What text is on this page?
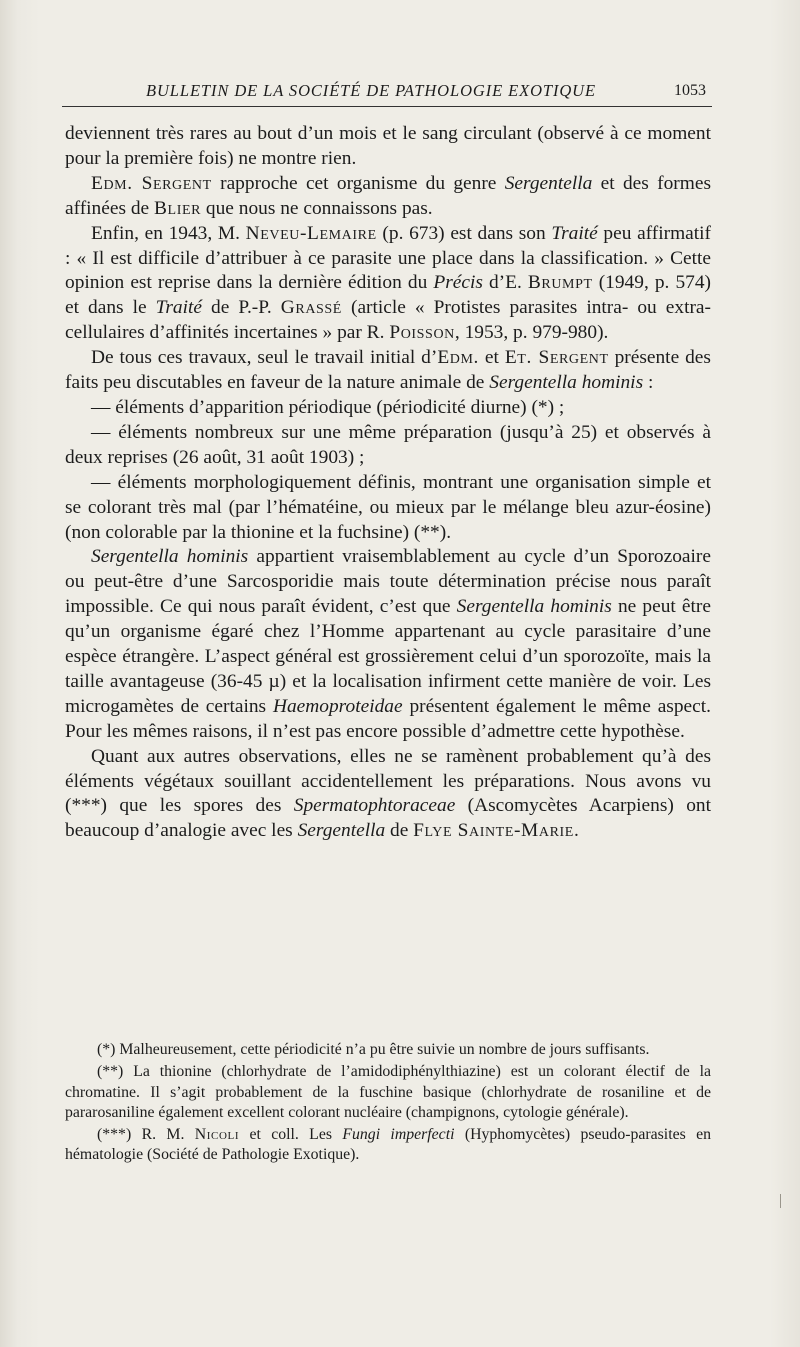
BULLETIN DE LA SOCIÉTÉ DE PATHOLOGIE EXOTIQUE	1053

deviennent très rares au bout d’un mois et le sang circulant (observé à ce moment pour la première fois) ne montre rien.

Edm. Sergent rapproche cet organisme du genre Sergentella et des formes affinées de Blier que nous ne connaissons pas.

Enfin, en 1943, M. Neveu-Lemaire (p. 673) est dans son Traité peu affirmatif : « Il est difficile d’attribuer à ce parasite une place dans la classification. » Cette opinion est reprise dans la dernière édition du Précis d’E. Brumpt (1949, p. 574) et dans le Traité de P.-P. Grassé (article « Protistes parasites intra- ou extra-cellulaires d’affinités incertaines » par R. Poisson, 1953, p. 979-980).

De tous ces travaux, seul le travail initial d’Edm. et Et. Sergent présente des faits peu discutables en faveur de la nature animale de Sergentella hominis :

— éléments d’apparition périodique (périodicité diurne) (*) ;

— éléments nombreux sur une même préparation (jusqu’à 25) et observés à deux reprises (26 août, 31 août 1903) ;

— éléments morphologiquement définis, montrant une organisation simple et se colorant très mal (par l’hématéine, ou mieux par le mélange bleu azur-éosine) (non colorable par la thionine et la fuchsine) (**).

Sergentella hominis appartient vraisemblablement au cycle d’un Sporozoaire ou peut-être d’une Sarcosporidie mais toute détermination précise nous paraît impossible. Ce qui nous paraît évident, c’est que Sergentella hominis ne peut être qu’un organisme égaré chez l’Homme appartenant au cycle parasitaire d’une espèce étrangère. L’aspect général est grossièrement celui d’un sporozoïte, mais la taille avantageuse (36-45 µ) et la localisation infirment cette manière de voir. Les microgamètes de certains Haemoproteidae présentent également le même aspect. Pour les mêmes raisons, il n’est pas encore possible d’admettre cette hypothèse.

Quant aux autres observations, elles ne se ramènent probablement qu’à des éléments végétaux souillant accidentellement les préparations. Nous avons vu (***) que les spores des Spermatophtoraceae (Ascomycètes Acarpiens) ont beaucoup d’analogie avec les Sergentella de Flye Sainte-Marie.

(*) Malheureusement, cette périodicité n’a pu être suivie un nombre de jours suffisants.

(**) La thionine (chlorhydrate de l’amidodiphénylthiazine) est un colorant électif de la chromatine. Il s’agit probablement de la fuschine basique (chlorhydrate de rosaniline et de pararosaniline également excellent colorant nucléaire (champignons, cytologie générale).

(***) R. M. Nicoli et coll. Les Fungi imperfecti (Hyphomycètes) pseudo-parasites en hématologie (Société de Pathologie Exotique).
